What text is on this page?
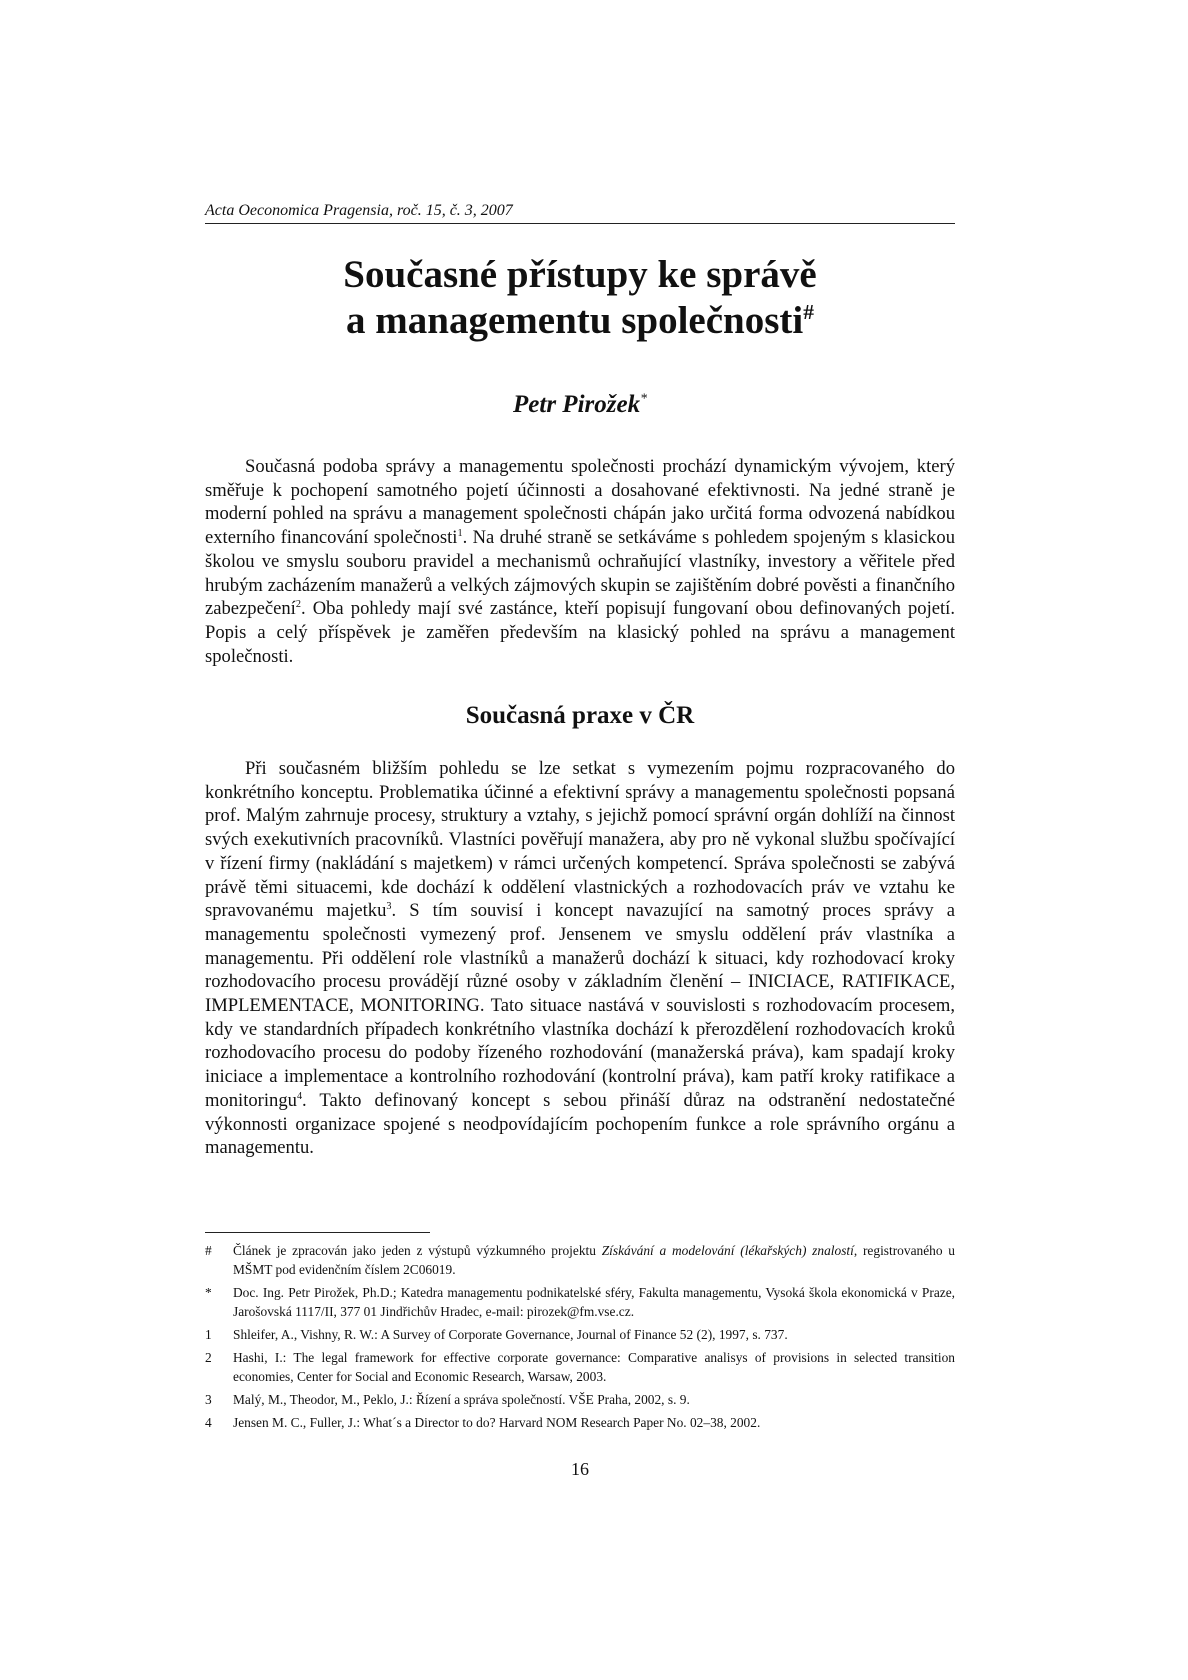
Acta Oeconomica Pragensia, roč. 15, č. 3, 2007
Současné přístupy ke správě
a managementu společnosti#
Petr Pirožek*

Současná podoba správy a managementu společnosti prochází dynamickým vývojem, který směřuje k pochopení samotného pojetí účinnosti a dosahované efektivnosti. Na jedné straně je moderní pohled na správu a management společnosti chápán jako určitá forma odvozená nabídkou externího financování společnosti$^1$. Na druhé straně se setkáváme s pohledem spojeným s klasickou školou ve smyslu souboru pravidel a mechanismů ochraňující vlastníky, investory a věřitele před hrubým zacházením manažerů a velkých zájmových skupin se zajištěním dobré pověsti a finančního zabezpečení$^2$. Oba pohledy mají své zastánce, kteří popisují fungovaní obou definovaných pojetí. Popis a celý příspěvek je zaměřen především na klasický pohled na správu a management společnosti.

Současná praxe v ČR

Při současném bližším pohledu se lze setkat s vymezením pojmu rozpracovaného do konkrétního konceptu. Problematika účinné a efektivní správy a managementu společnosti popsaná prof. Malým zahrnuje procesy, struktury a vztahy, s jejichž pomocí správní orgán dohlíží na činnost svých exekutivních pracovníků. Vlastníci pověřují manažera, aby pro ně vykonal službu spočívající v řízení firmy (nakládání s majetkem) v rámci určených kompetencí. Správa společnosti se zabývá právě těmi situacemi, kde dochází k oddělení vlastnických a rozhodovacích práv ve vztahu ke spravovanému majetku$^3$. S tím souvisí i koncept navazující na samotný proces správy a managementu společnosti vymezený prof. Jensenem ve smyslu oddělení práv vlastníka a managementu. Při oddělení role vlastníků a manažerů dochází k situaci, kdy rozhodovací kroky rozhodovacího procesu provádějí různé osoby v základním členění – INICIACE, RATIFIKACE, IMPLEMENTACE, MONITORING. Tato situace nastává v souvislosti s rozhodovacím procesem, kdy ve standardních případech konkrétního vlastníka dochází k přerozdělení rozhodovacích kroků rozhodovacího procesu do podoby řízeného rozhodování (manažerská práva), kam spadají kroky iniciace a implementace a kontrolního rozhodování (kontrolní práva), kam patří kroky ratifikace a monitoringu$^4$. Takto definovaný koncept s sebou přináší důraz na odstranění nedostatečné výkonnosti organizace spojené s neodpovídajícím pochopením funkce a role správního orgánu a managementu.

#	Článek je zpracován jako jeden z výstupů výzkumného projektu Získávání a modelování (lékařských) znalostí, registrovaného u MŠMT pod evidenčním číslem 2C06019.
*	Doc. Ing. Petr Pirožek, Ph.D.; Katedra managementu podnikatelské sféry, Fakulta managementu, Vysoká škola ekonomická v Praze, Jarošovská 1117/II, 377 01 Jindřichův Hradec, e-mail: pirozek@fm.vse.cz.
1	Shleifer, A., Vishny, R. W.: A Survey of Corporate Governance, Journal of Finance 52 (2), 1997, s. 737.
2	Hashi, I.: The legal framework for effective corporate governance: Comparative analisys of provisions in selected transition economies, Center for Social and Economic Research, Warsaw, 2003.
3	Malý, M., Theodor, M., Peklo, J.: Řízení a správa společností. VŠE Praha, 2002, s. 9.
4	Jensen M. C., Fuller, J.: What´s a Director to do? Harvard NOM Research Paper No. 02–38, 2002.
16
